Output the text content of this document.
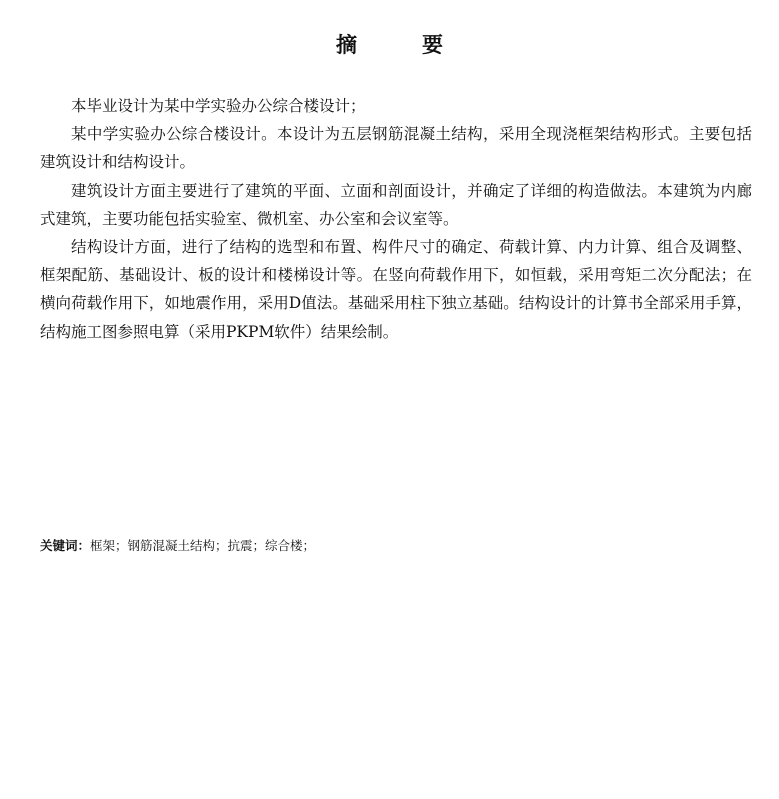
摘　要

本毕业设计为某中学实验办公综合楼设计；

某中学实验办公综合楼设计。本设计为五层钢筋混凝土结构，采用全现浇框架结构形式。主要包括建筑设计和结构设计。

建筑设计方面主要进行了建筑的平面、立面和剖面设计，并确定了详细的构造做法。本建筑为内廊式建筑，主要功能包括实验室、微机室、办公室和会议室等。

结构设计方面，进行了结构的选型和布置、构件尺寸的确定、荷载计算、内力计算、组合及调整、框架配筋、基础设计、板的设计和楼梯设计等。在竖向荷载作用下，如恒载，采用弯矩二次分配法；在横向荷载作用下，如地震作用，采用D值法。基础采用柱下独立基础。结构设计的计算书全部采用手算，结构施工图参照电算（采用PKPM软件）结果绘制。

关键词：框架；钢筋混凝土结构；抗震；综合楼；
